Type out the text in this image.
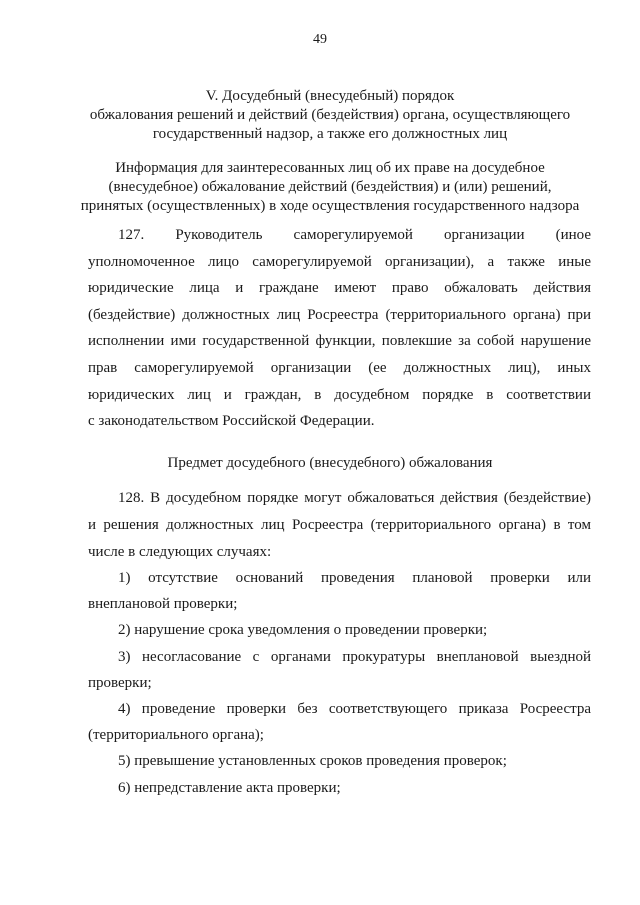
49
V. Досудебный (внесудебный) порядок
обжалования решений и действий (бездействия) органа, осуществляющего
государственный надзор, а также его должностных лиц
Информация для заинтересованных лиц об их праве на досудебное
(внесудебное) обжалование действий (бездействия) и (или) решений,
принятых (осуществленных) в ходе осуществления государственного надзора
127. Руководитель саморегулируемой организации (иное
уполномоченное лицо саморегулируемой организации), а также иные
юридические лица и граждане имеют право обжаловать действия
(бездействие) должностных лиц Росреестра (территориального органа) при
исполнении ими государственной функции, повлекшие за собой нарушение
прав саморегулируемой организации (ее должностных лиц), иных
юридических лиц и граждан, в досудебном порядке в соответствии
с законодательством Российской Федерации.
Предмет досудебного (внесудебного) обжалования
128. В досудебном порядке могут обжаловаться действия (бездействие)
и решения должностных лиц Росреестра (территориального органа) в том
числе в следующих случаях:
1) отсутствие оснований проведения плановой проверки или
внеплановой проверки;
2) нарушение срока уведомления о проведении проверки;
3) несогласование с органами прокуратуры внеплановой выездной
проверки;
4) проведение проверки без соответствующего приказа Росреестра
(территориального органа);
5) превышение установленных сроков проведения проверок;
6) непредставление акта проверки;
